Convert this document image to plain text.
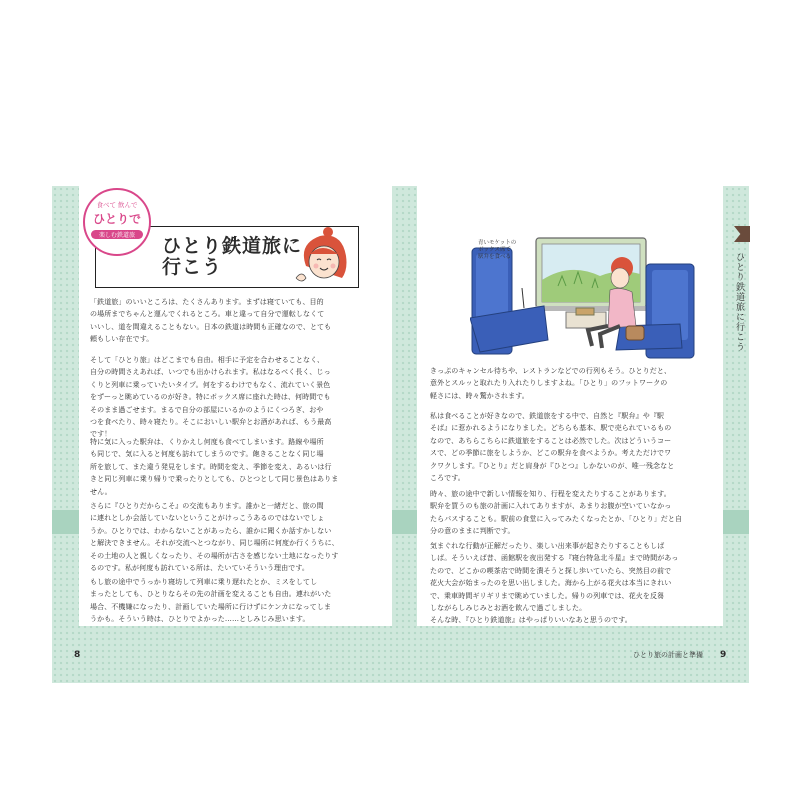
ひとり鉄道旅に
行こう
食べて 飲んで
ひとりで
楽しむ鉄道旅
「鉄道旅」のいいところは、たくさんあります。まずは寝ていても、目的
の場所までちゃんと運んでくれるところ。車と違って自分で運転しなくて
いいし、道を間違えることもない。日本の鉄道は時間も正確なので、とても
頼もしい存在です。
そして「ひとり旅」はどこまでも自由。相手に予定を合わせることなく、
自分の時間さえあれば、いつでも出かけられます。私はなるべく長く、じっ
くりと列車に乗っていたいタイプ。何をするわけでもなく、流れていく景色
をずーっと眺めているのが好き。特にボックス席に座れた時は、何時間でも
そのまま過ごせます。まるで自分の部屋にいるかのようにくつろぎ、おや
つを食べたり、時々寝たり。そこにおいしい駅弁とお酒があれば、もう最高
です！
特に気に入った駅弁は、くりかえし何度も食べてしまいます。路線や場所
も同じで、気に入ると何度も訪れてしまうのです。飽きることなく同じ場
所を旅して、また違う発見をします。時間を変え、季節を変え、あるいは行
きと同じ列車に乗り帰りで乗ったりとしても、ひとつとして同じ景色はありま
せん。
さらに『ひとりだからこそ』の交流もあります。誰かと一緒だと、旅の間
に連れとしか会話していないということがけっこうあるのではないでしょ
うか。ひとりでは、わからないことがあったら、誰かに聞くか話すかしない
と解決できません。それが交流へとつながり、同じ場所に何度か行くうちに、
その土地の人と親しくなったり、その場所が古さを感じない土地になったりす
るのです。私が何度も訪れている所は、たいていそういう理由です。
もし旅の途中でうっかり寝坊して列車に乗り遅れたとか、ミスをしてし
まったとしても、ひとりならその先の計画を変えることも自由。連れがいた
場合、不機嫌になったり、計画していた場所に行けずにケンカになってしま
うかも。そういう時は、ひとりでよかった……としみじみ思います。
青いモケットの
ボックス席で
駅弁を食べる
きっぷのキャンセル待ちや、レストランなどでの行列もそう。ひとりだと、
意外とスルッと取れたり入れたりしますよね。「ひとり」のフットワークの
軽さには、時々驚かされます。
私は食べることが好きなので、鉄道旅をする中で、自然と『駅弁』や『駅
そば』に惹かれるようになりました。どちらも基本、駅で売られているもの
なので、あちらこちらに鉄道旅をすることは必然でした。次はどういうコー
スで、どの季節に旅をしようか、どこの駅弁を食べようか。考えただけでワ
クワクします。『ひとり』だと肩身が『ひとつ』しかないのが、唯一残念なと
ころです。
時々、旅の途中で新しい情報を知り、行程を変えたりすることがあります。
駅弁を買うのも旅の計画に入れてありますが、あまりお腹が空いていなかっ
たらパスすることも。駅前の食堂に入ってみたくなったとか、「ひとり」だと自
分の意のままに判断です。
気まぐれな行動が正解だったり、楽しい出来事が起きたりすることもしば
しば。そういえば昔、函館駅を夜出発する『寝台特急北斗星』まで時間があっ
たので、どこかの喫茶店で時間を潰そうと探し歩いていたら、突然目の前で
花火大会が始まったのを思い出しました。海から上がる花火は本当にきれい
で、乗車時間ギリギリまで眺めていました。帰りの列車では、花火を反芻
しながらしみじみとお酒を飲んで過ごしました。
そんな時、『ひとり鉄道旅』はやっぱりいいなあと思うのです。
ひとり鉄道旅に行こう
8	ひとり旅の計画と準備 9
